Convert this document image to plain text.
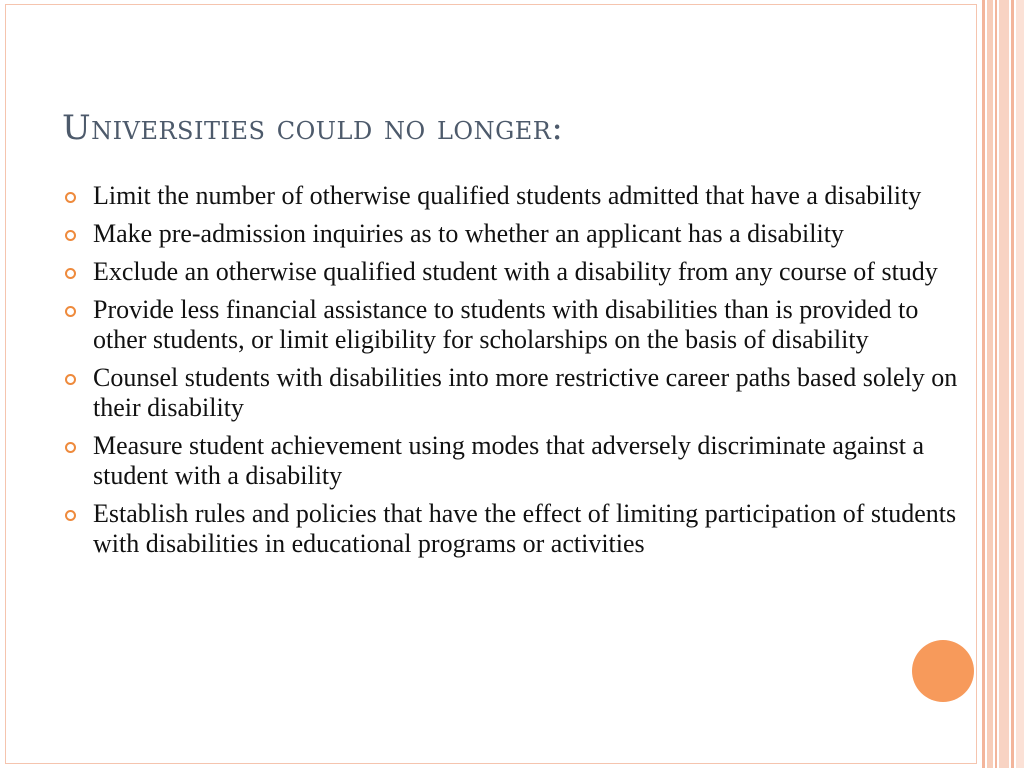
Universities could no longer:
Limit the number of otherwise qualified students admitted that have a disability
Make pre-admission inquiries as to whether an applicant has a disability
Exclude an otherwise qualified student with a disability from any course of study
Provide less financial assistance to students with disabilities than is provided to other students, or limit eligibility for scholarships on the basis of disability
Counsel students with disabilities into more restrictive career paths based solely on their disability
Measure student achievement using modes that adversely discriminate against a student with a disability
Establish rules and policies that have the effect of limiting participation of students with disabilities in educational programs or activities
